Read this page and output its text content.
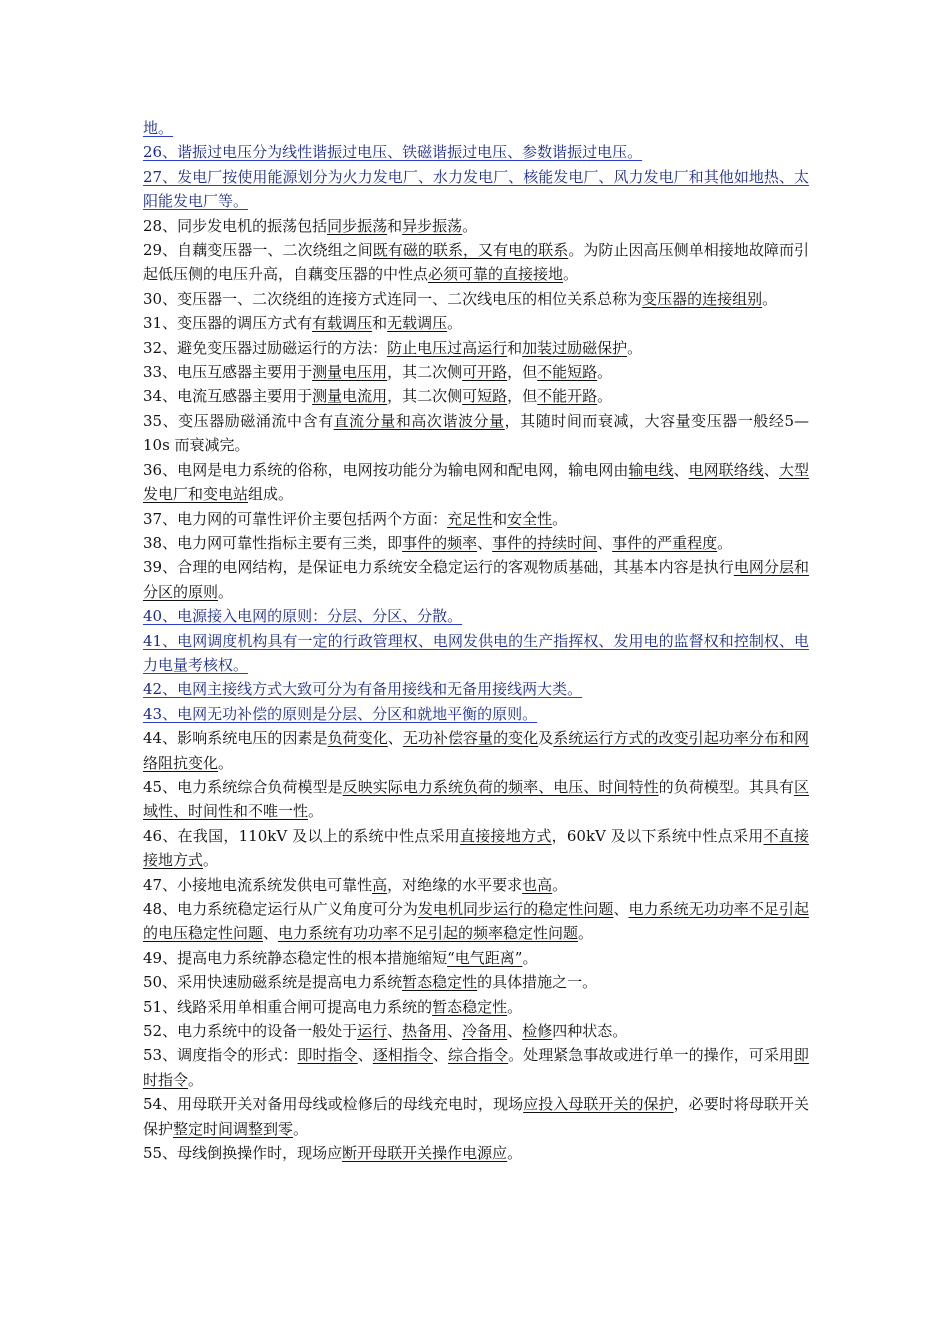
地。

26、谐振过电压分为线性谐振过电压、铁磁谐振过电压、参数谐振过电压。

27、发电厂按使用能源划分为火力发电厂、水力发电厂、核能发电厂、风力发电厂和其他如地热、太阳能发电厂等。

28、同步发电机的振荡包括同步振荡和异步振荡。

29、自藕变压器一、二次绕组之间既有磁的联系，又有电的联系。为防止因高压侧单相接地故障而引起低压侧的电压升高，自藕变压器的中性点必须可靠的直接接地。

30、变压器一、二次绕组的连接方式连同一、二次线电压的相位关系总称为变压器的连接组别。

31、变压器的调压方式有有载调压和无载调压。

32、避免变压器过励磁运行的方法：防止电压过高运行和加装过励磁保护。

33、电压互感器主要用于测量电压用，其二次侧可开路，但不能短路。

34、电流互感器主要用于测量电流用，其二次侧可短路，但不能开路。

35、变压器励磁涌流中含有直流分量和高次谐波分量，其随时间而衰减，大容量变压器一般经5—10s 而衰减完。

36、电网是电力系统的俗称，电网按功能分为输电网和配电网，输电网由输电线、电网联络线、大型发电厂和变电站组成。

37、电力网的可靠性评价主要包括两个方面：充足性和安全性。

38、电力网可靠性指标主要有三类，即事件的频率、事件的持续时间、事件的严重程度。

39、合理的电网结构，是保证电力系统安全稳定运行的客观物质基础，其基本内容是执行电网分层和分区的原则。

40、电源接入电网的原则：分层、分区、分散。

41、电网调度机构具有一定的行政管理权、电网发供电的生产指挥权、发用电的监督权和控制权、电力电量考核权。

42、电网主接线方式大致可分为有备用接线和无备用接线两大类。

43、电网无功补偿的原则是分层、分区和就地平衡的原则。

44、影响系统电压的因素是负荷变化、无功补偿容量的变化及系统运行方式的改变引起功率分布和网络阻抗变化。

45、电力系统综合负荷模型是反映实际电力系统负荷的频率、电压、时间特性的负荷模型。其具有区域性、时间性和不唯一性。

46、在我国，110kV 及以上的系统中性点采用直接接地方式，60kV 及以下系统中性点采用不直接接地方式。

47、小接地电流系统发供电可靠性高，对绝缘的水平要求也高。

48、电力系统稳定运行从广义角度可分为发电机同步运行的稳定性问题、电力系统无功功率不足引起的电压稳定性问题、电力系统有功功率不足引起的频率稳定性问题。

49、提高电力系统静态稳定性的根本措施缩短“电气距离”。

50、采用快速励磁系统是提高电力系统暂态稳定性的具体措施之一。

51、线路采用单相重合闸可提高电力系统的暂态稳定性。

52、电力系统中的设备一般处于运行、热备用、冷备用、检修四种状态。

53、调度指令的形式：即时指令、逐相指令、综合指令。处理紧急事故或进行单一的操作，可采用即时指令。

54、用母联开关对备用母线或检修后的母线充电时，现场应投入母联开关的保护，必要时将母联开关保护整定时间调整到零。

55、母线倒换操作时，现场应断开母联开关操作电源应。
